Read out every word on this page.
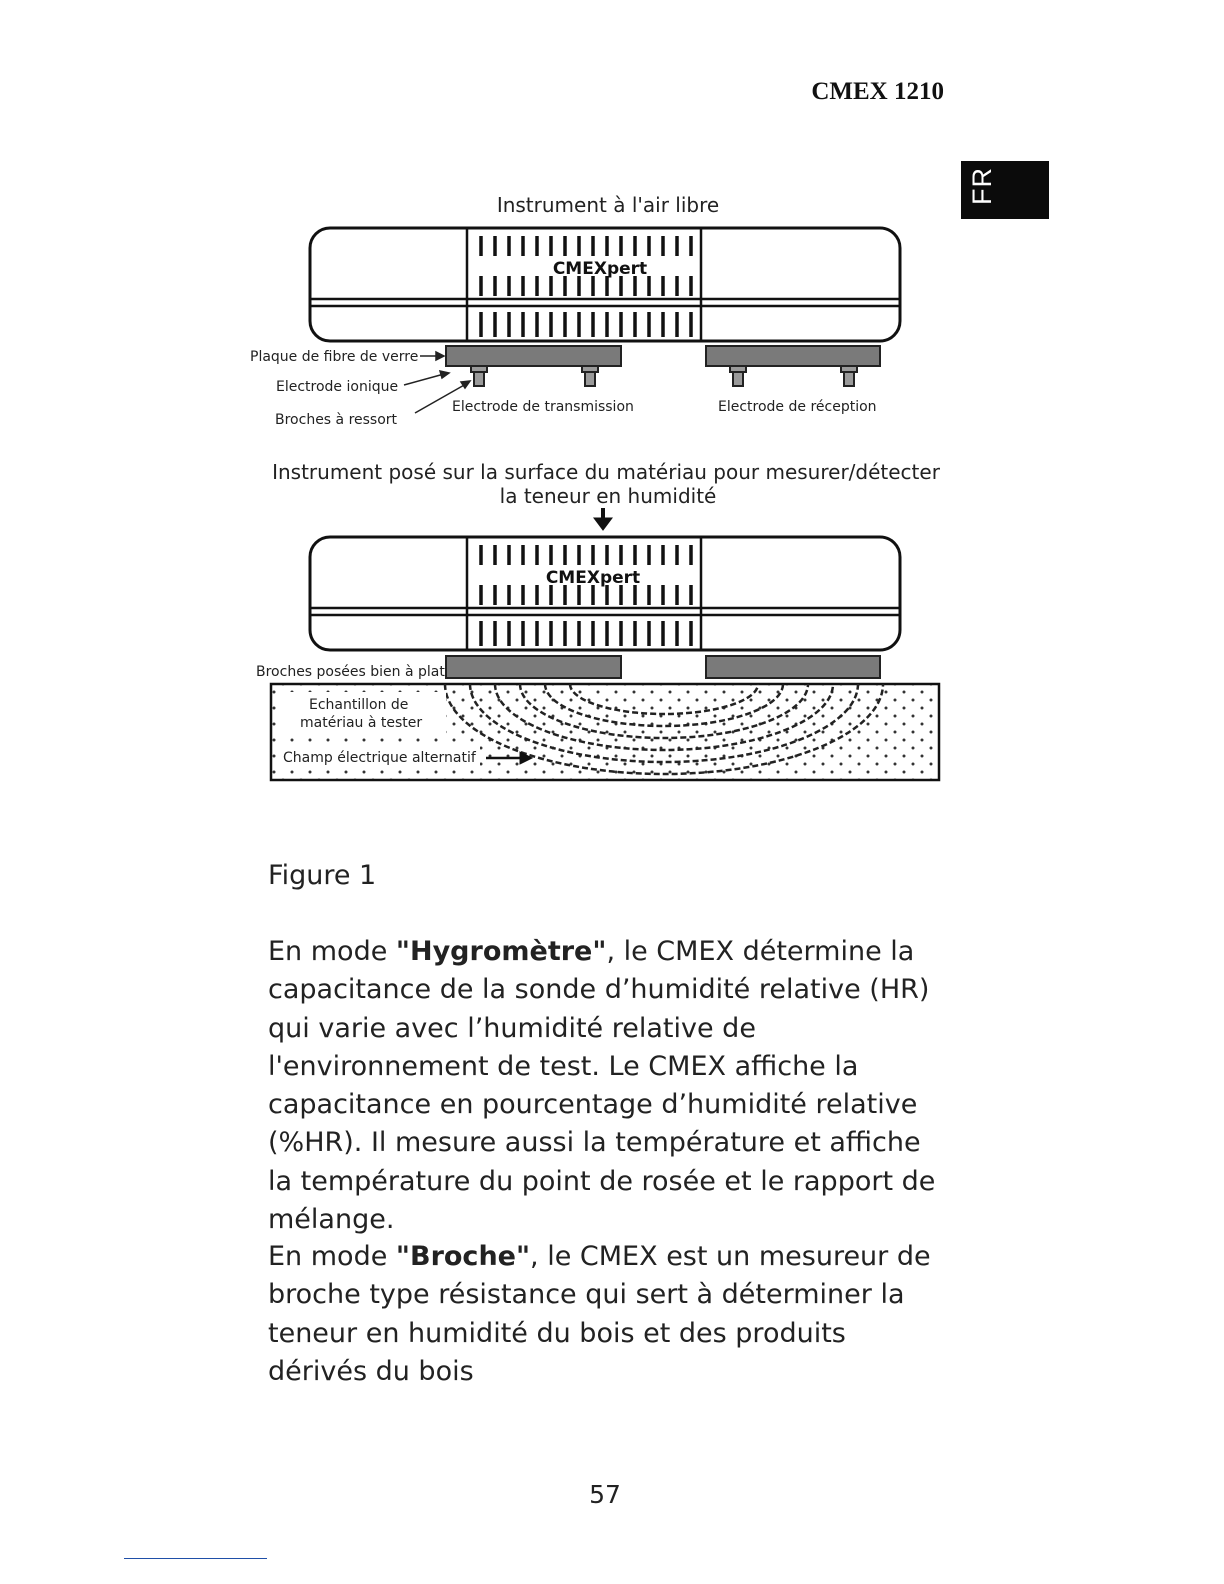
CMEX 1210
FR
Instrument à l'air libre
CMEXpert
Plaque de fibre de verre
Electrode ionique
Broches à ressort
Electrode de transmission	Electrode de réception
Instrument posé sur la surface du matériau pour mesurer/détecter
la teneur en humidité
CMEXpert
Broches posées bien à plat
Echantillon de
matériau à tester
Champ électrique alternatif
Figure 1

En mode "Hygromètre", le CMEX détermine la capacitance de la sonde d’humidité relative (HR) qui varie avec l’humidité relative de l'environnement de test. Le CMEX affiche la capacitance en pourcentage d’humidité relative (%HR). Il mesure aussi la température et affiche la température du point de rosée et le rapport de mélange.

En mode "Broche", le CMEX est un mesureur de broche type résistance qui sert à déterminer la teneur en humidité du bois et des produits dérivés du bois

57
